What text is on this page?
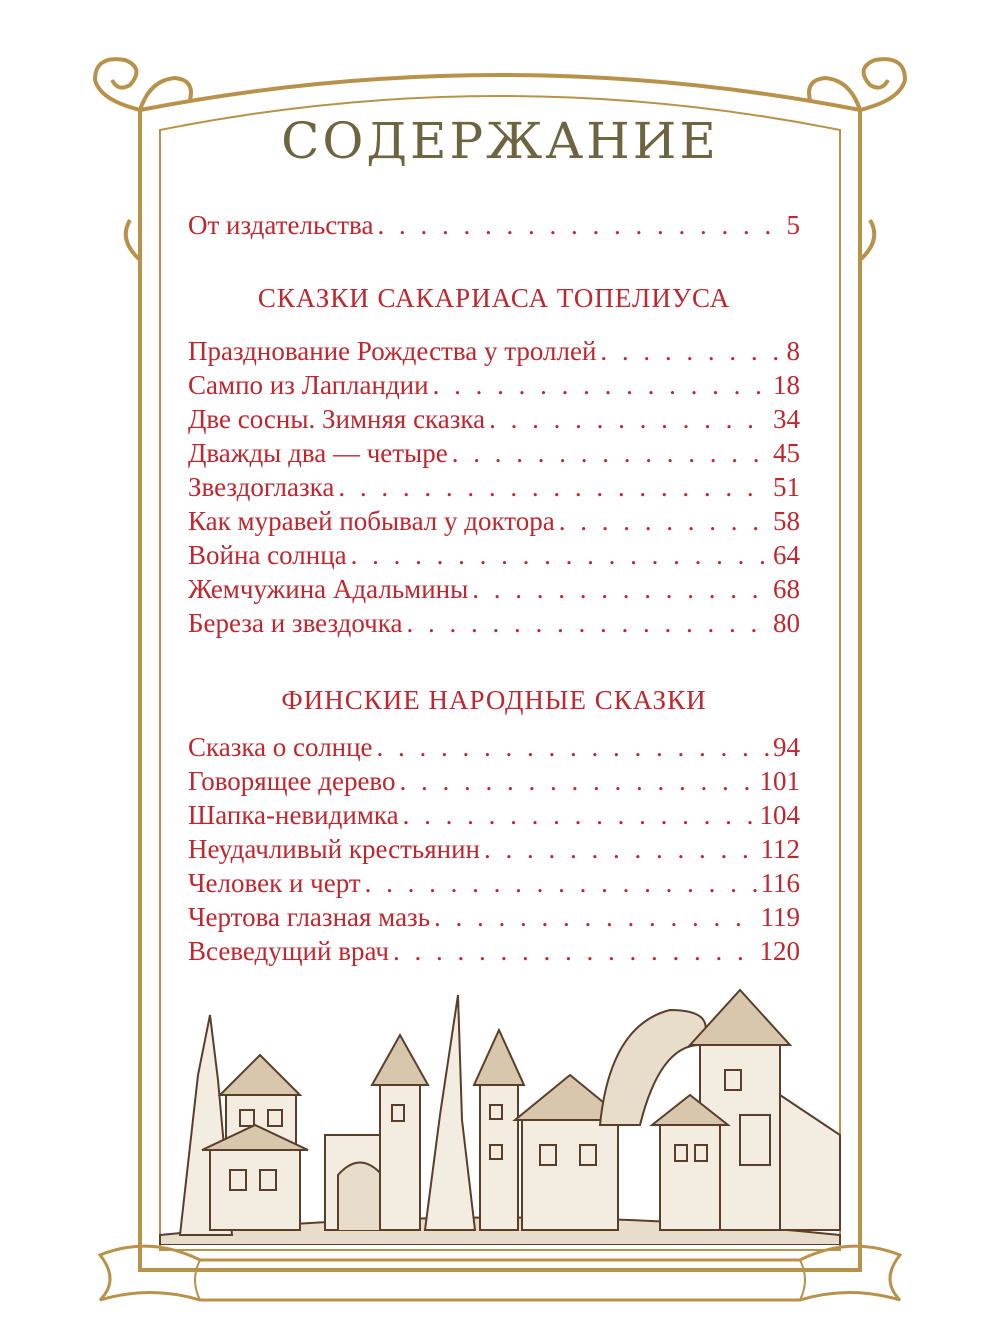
СОДЕРЖАНИЕ
От издательства . . .	5
СКАЗКИ САКАРИАСА ТОПЕЛИУСА
Празднование Рождества у троллей . . .	8
Сампо из Лапландии . . .	18
Две сосны. Зимняя сказка . . .	34
Дважды два — четыре . . .	45
Звездоглазка . . .	51
Как муравей побывал у доктора . . .	58
Война солнца . . .	64
Жемчужина Адальмины . . .	68
Береза и звездочка . . .	80
ФИНСКИЕ НАРОДНЫЕ СКАЗКИ
Сказка о солнце . . .	94
Говорящее дерево . . .	101
Шапка-невидимка . . .	104
Неудачливый крестьянин . . .	112
Человек и черт . . .	116
Чертова глазная мазь . . .	119
Всеведущий врач . . .	120
